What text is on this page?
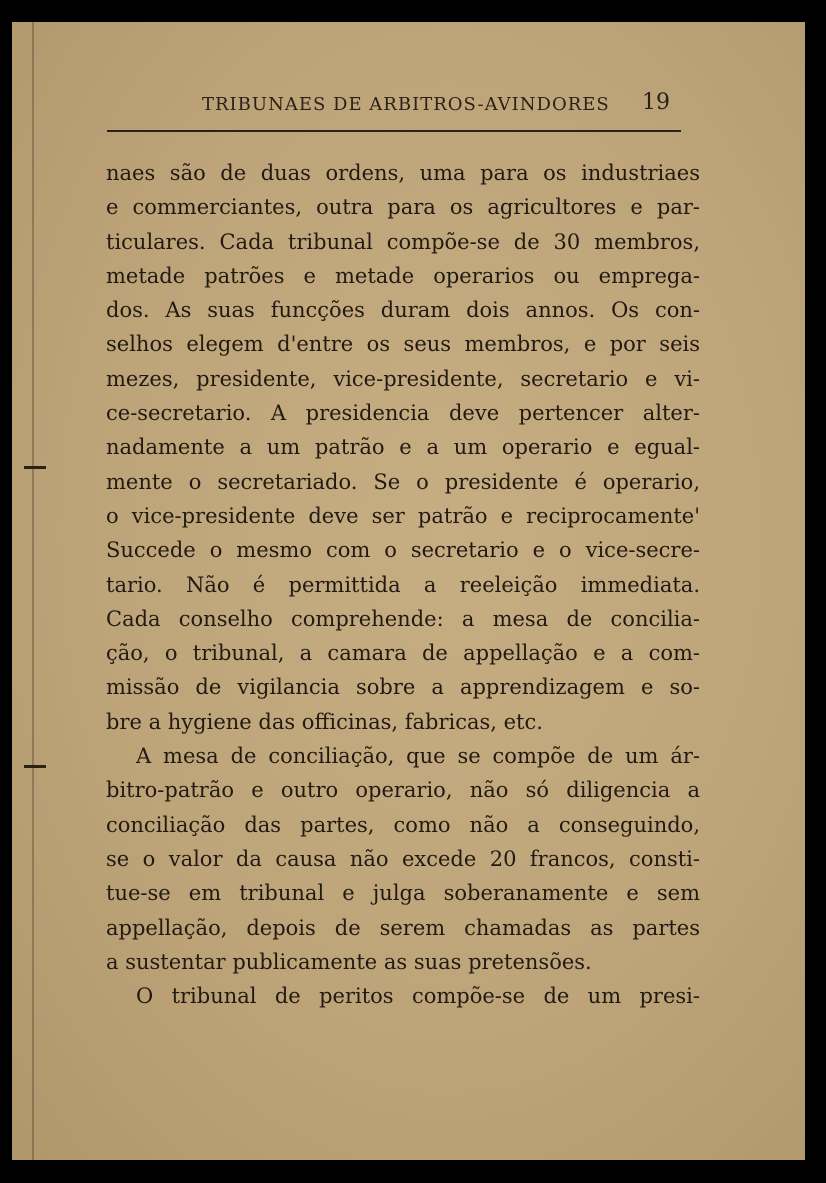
TRIBUNAES DE ARBITROS-AVINDORES 19
naes são de duas ordens, uma para os industriaes
e commerciantes, outra para os agricultores e par-
ticulares. Cada tribunal compõe-se de 30 membros,
metade patrões e metade operarios ou emprega-
dos. As suas funcções duram dois annos. Os con-
selhos elegem d'entre os seus membros, e por seis
mezes, presidente, vice-presidente, secretario e vi-
ce-secretario. A presidencia deve pertencer alter-
nadamente a um patrão e a um operario e egual-
mente o secretariado. Se o presidente é operario,
o vice-presidente deve ser patrão e reciprocamente'
Succede o mesmo com o secretario e o vice-secre-
tario. Não é permittida a reeleição immediata.
Cada conselho comprehende: a mesa de concilia-
ção, o tribunal, a camara de appellação e a com-
missão de vigilancia sobre a apprendizagem e so-
bre a hygiene das officinas, fabricas, etc.
A mesa de conciliação, que se compõe de um ár-
bitro-patrão e outro operario, não só diligencia a
conciliação das partes, como não a conseguindo,
se o valor da causa não excede 20 francos, consti-
tue-se em tribunal e julga soberanamente e sem
appellação, depois de serem chamadas as partes
a sustentar publicamente as suas pretensões.
O tribunal de peritos compõe-se de um presi-
